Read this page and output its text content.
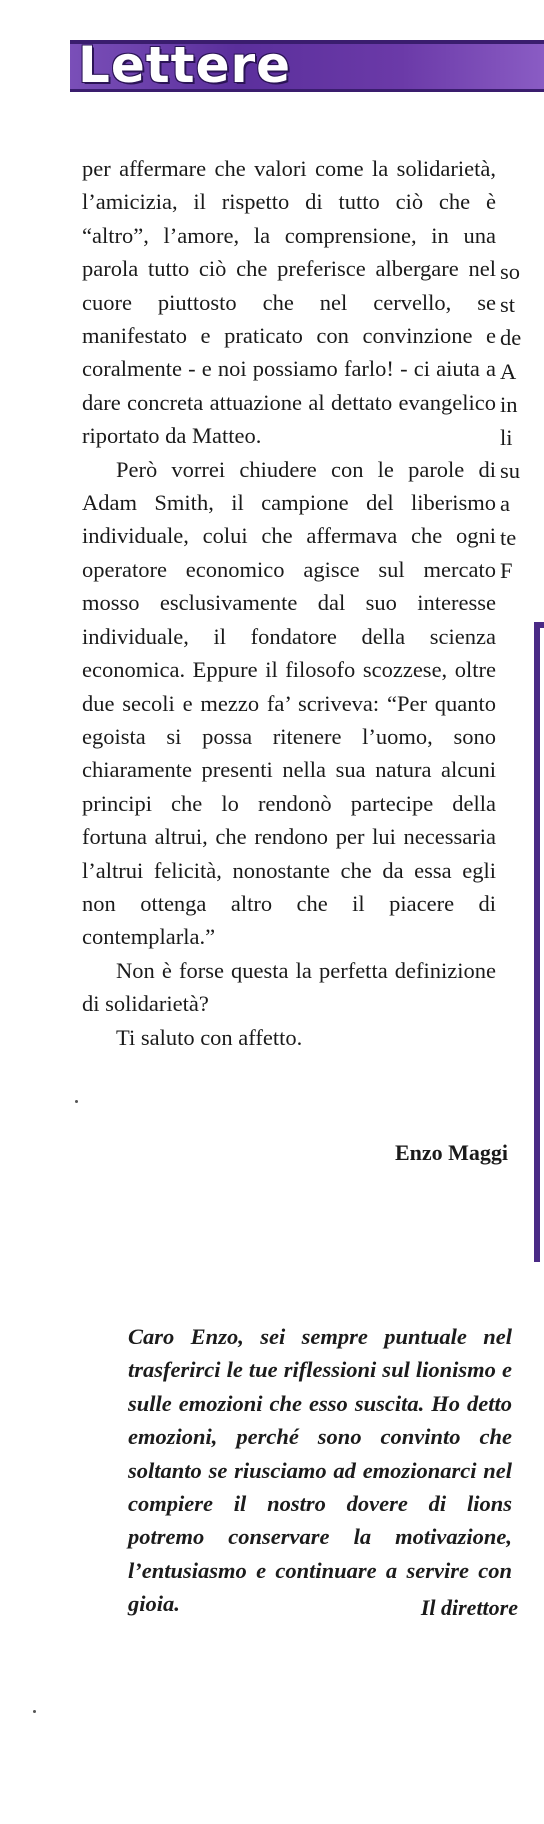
Lettere

per affermare che valori come la solidarietà, l’amicizia, il rispetto di tutto ciò che è “altro”, l’amore, la comprensione, in una parola tutto ciò che preferisce albergare nel cuore piuttosto che nel cervello, se manifestato e praticato con convinzione e coralmente - e noi possiamo farlo! - ci aiuta a dare concreta attuazione al dettato evangelico riportato da Matteo.

Però vorrei chiudere con le parole di Adam Smith, il campione del liberismo individuale, colui che affermava che ogni operatore economico agisce sul mercato mosso esclusivamente dal suo interesse individuale, il fondatore della scienza economica. Eppure il filosofo scozzese, oltre due secoli e mezzo fa’ scriveva: “Per quanto egoista si possa ritenere l’uomo, sono chiaramente presenti nella sua natura alcuni principi che lo rendonò partecipe della fortuna altrui, che rendono per lui necessaria l’altrui felicità, nonostante che da essa egli non ottenga altro che il piacere di contemplarla.”

Non è forse questa la perfetta definizione di solidarietà?

Ti saluto con affetto.

Enzo Maggi
Caro Enzo, sei sempre puntuale nel trasferirci le tue riflessioni sul lionismo e sulle emozioni che esso suscita. Ho detto emozioni, perché sono convinto che soltanto se riusciamo ad emozionarci nel compiere il nostro dovere di lions potremo conservare la motivazione, l’entusiasmo e continuare a servire con gioia.	Il direttore
so
st
de
A
in
li
su
a
te
F
